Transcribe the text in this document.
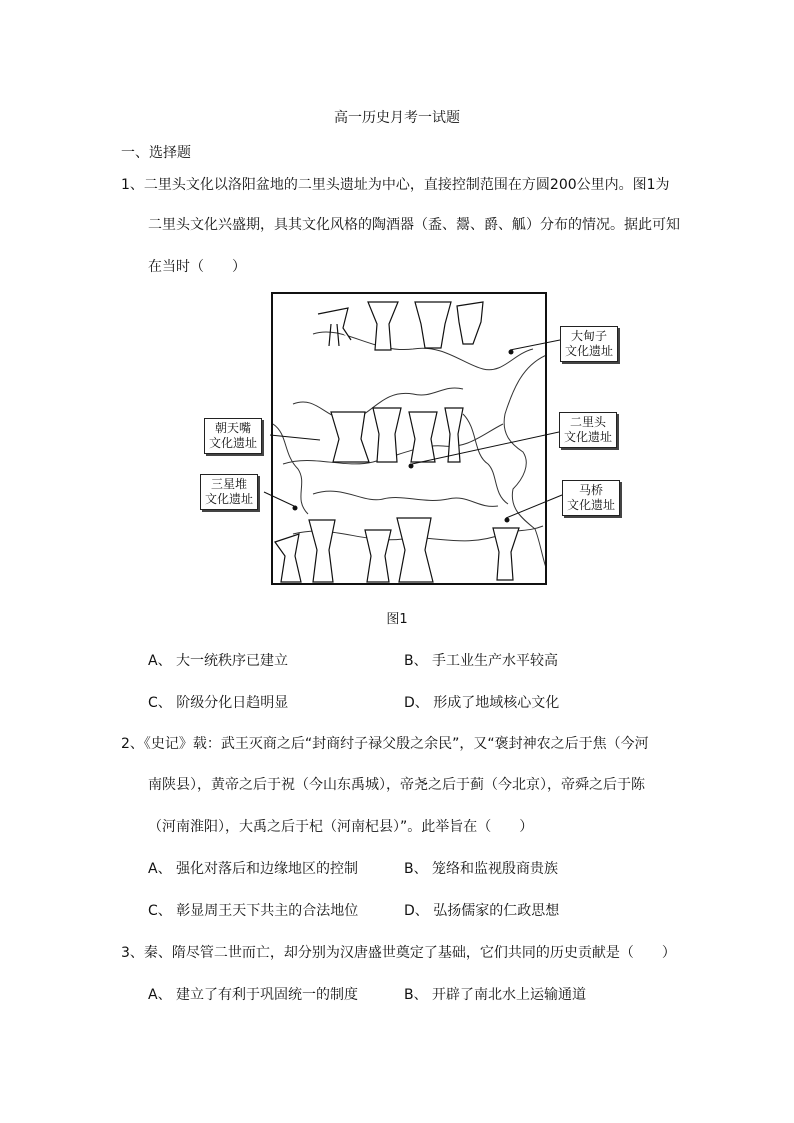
高一历史月考一试题
一、选择题
1、二里头文化以洛阳盆地的二里头遗址为中心，直接控制范围在方圆200公里内。图1为
二里头文化兴盛期，具其文化风格的陶酒器（盉、鬶、爵、觚）分布的情况。据此可知
在当时（　　）
大甸子
文化遗址
朝天嘴
文化遗址
二里头
文化遗址
三星堆
文化遗址
马桥
文化遗址
图1
A、 大一统秩序已建立	B、 手工业生产水平较高
C、 阶级分化日趋明显	D、 形成了地域核心文化
2、《史记》载：武王灭商之后“封商纣子禄父殷之余民”，又“褒封神农之后于焦（今河
南陕县），黄帝之后于祝（今山东禹城），帝尧之后于蓟（今北京），帝舜之后于陈
（河南淮阳），大禹之后于杞（河南杞县）”。此举旨在（　　）
A、 强化对落后和边缘地区的控制	B、 笼络和监视殷商贵族
C、 彰显周王天下共主的合法地位	D、 弘扬儒家的仁政思想
3、秦、隋尽管二世而亡，却分别为汉唐盛世奠定了基础，它们共同的历史贡献是（　　）
A、 建立了有利于巩固统一的制度	B、 开辟了南北水上运输通道
